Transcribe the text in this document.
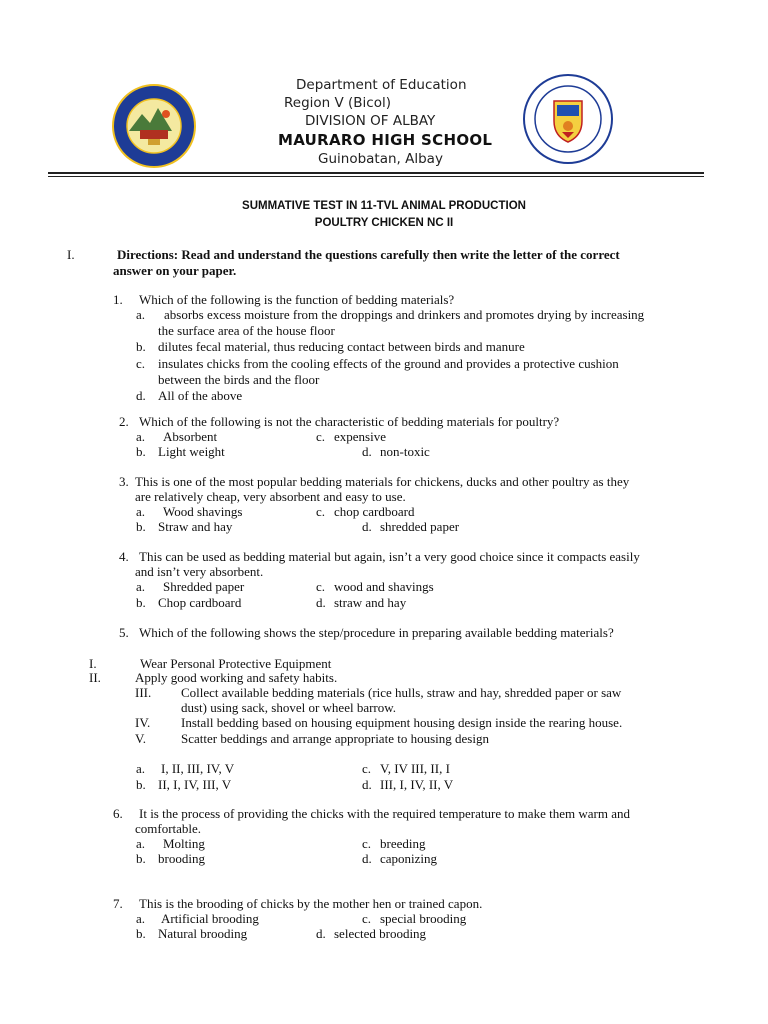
Department of Education
Region V (Bicol)
DIVISION OF ALBAY
MAURARO HIGH SCHOOL
Guinobatan, Albay
SUMMATIVE TEST IN 11-TVL ANIMAL PRODUCTION
POULTRY CHICKEN NC II
I.	Directions: Read and understand the questions carefully then write the letter of the correct
answer on your paper.
1. Which of the following is the function of bedding materials?
a. absorbs excess moisture from the droppings and drinkers and promotes drying by increasing
the surface area of the house floor
b. dilutes fecal material, thus reducing contact between birds and manure
c. insulates chicks from the cooling effects of the ground and provides a protective cushion
between the birds and the floor
d. All of the above
2. Which of the following is not the characteristic of bedding materials for poultry?
a. Absorbent	c. expensive
b. Light weight	d. non-toxic
3. This is one of the most popular bedding materials for chickens, ducks and other poultry as they
are relatively cheap, very absorbent and easy to use.
a. Wood shavings	c. chop cardboard
b. Straw and hay	d. shredded paper
4. This can be used as bedding material but again, isn’t a very good choice since it compacts easily
and isn’t very absorbent.
a. Shredded paper	c. wood and shavings
b. Chop cardboard	d. straw and hay
5. Which of the following shows the step/procedure in preparing available bedding materials?
I.	Wear Personal Protective Equipment
II.	Apply good working and safety habits.
III. Collect available bedding materials (rice hulls, straw and hay, shredded paper or saw
dust) using sack, shovel or wheel barrow.
IV. Install bedding based on housing equipment housing design inside the rearing house.
V.	Scatter beddings and arrange appropriate to housing design
a. I, II, III, IV, V	c. V, IV III, II, I
b. II, I, IV, III, V	d. III, I, IV, II, V
6. It is the process of providing the chicks with the required temperature to make them warm and
comfortable.
a. Molting	c. breeding
b. brooding	d. caponizing
7. This is the brooding of chicks by the mother hen or trained capon.
a. Artificial brooding	c. special brooding
b. Natural brooding	d. selected brooding
